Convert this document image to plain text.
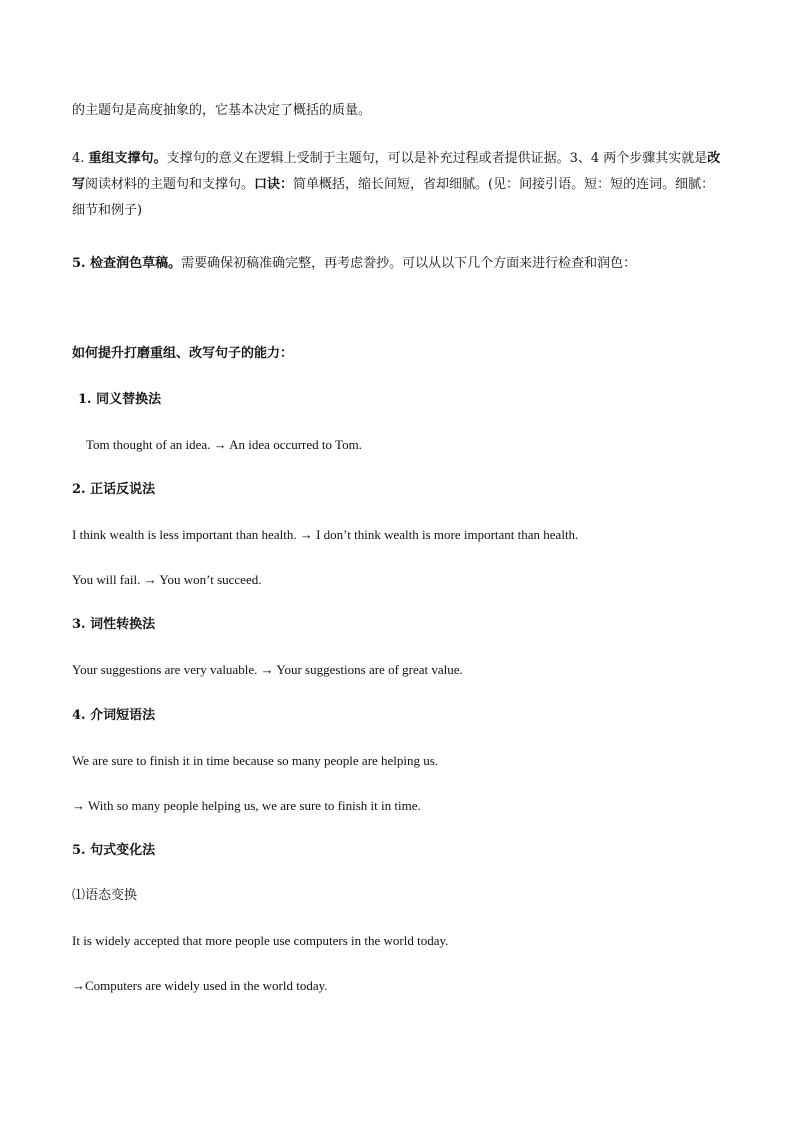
的主题句是高度抽象的，它基本决定了概括的质量。

4. 重组支撑句。支撑句的意义在逻辑上受制于主题句，可以是补充过程或者提供证据。3、4 两个步骤其实就是改写阅读材料的主题句和支撑句。口诀：简单概括，缩长间短，省却细腻。(见：间接引语。短：短的连词。细腻：细节和例子)

5. 检查润色草稿。需要确保初稿准确完整，再考虑誊抄。可以从以下几个方面来进行检查和润色：

如何提升打磨重组、改写句子的能力：

1. 同义替换法

Tom thought of an idea. → An idea occurred to Tom.

2. 正话反说法

I think wealth is less important than health. → I don’t think wealth is more important than health.

You will fail. → You won’t succeed.

3. 词性转换法

Your suggestions are very valuable. → Your suggestions are of great value.

4. 介词短语法

We are sure to finish it in time because so many people are helping us.

→ With so many people helping us, we are sure to finish it in time.

5. 句式变化法

⑴语态变换

It is widely accepted that more people use computers in the world today.

→Computers are widely used in the world today.
